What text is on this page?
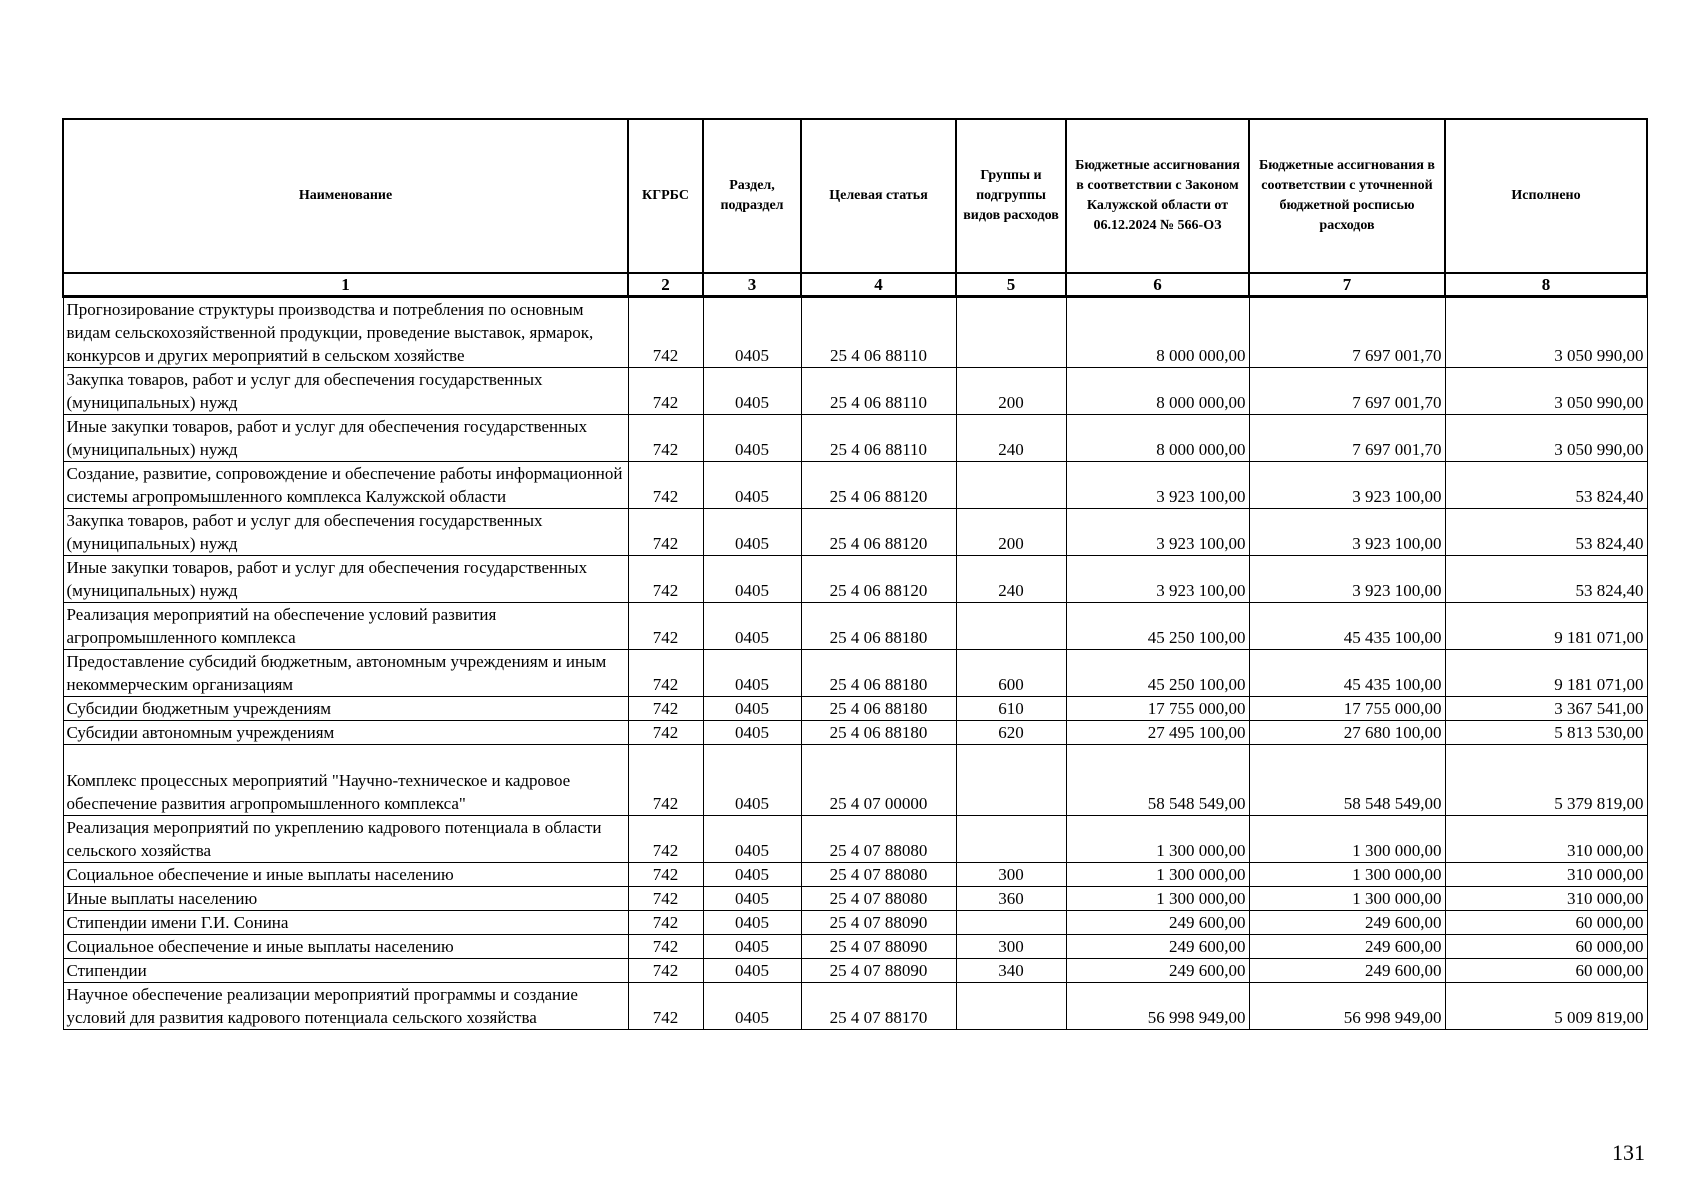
Наименование	КГРБС	Раздел, подраздел	Целевая статья	Группы и подгруппы видов расходов	Бюджетные ассигнования в соответствии с Законом Калужской области от 06.12.2024 № 566-ОЗ	Бюджетные ассигнования в соответствии с уточненной бюджетной росписью расходов	Исполнено
1	2	3	4	5	6	7	8
Прогнозирование структуры производства и потребления по основным видам сельскохозяйственной продукции, проведение выставок, ярмарок, конкурсов и других мероприятий в сельском хозяйстве	742	0405	25 4 06 88110		8 000 000,00	7 697 001,70	3 050 990,00
Закупка товаров, работ и услуг для обеспечения государственных (муниципальных) нужд	742	0405	25 4 06 88110	200	8 000 000,00	7 697 001,70	3 050 990,00
Иные закупки товаров, работ и услуг для обеспечения государственных (муниципальных) нужд	742	0405	25 4 06 88110	240	8 000 000,00	7 697 001,70	3 050 990,00
Создание, развитие, сопровождение и обеспечение работы информационной системы агропромышленного комплекса Калужской области	742	0405	25 4 06 88120		3 923 100,00	3 923 100,00	53 824,40
Закупка товаров, работ и услуг для обеспечения государственных (муниципальных) нужд	742	0405	25 4 06 88120	200	3 923 100,00	3 923 100,00	53 824,40
Иные закупки товаров, работ и услуг для обеспечения государственных (муниципальных) нужд	742	0405	25 4 06 88120	240	3 923 100,00	3 923 100,00	53 824,40
Реализация мероприятий на обеспечение условий развития агропромышленного комплекса	742	0405	25 4 06 88180		45 250 100,00	45 435 100,00	9 181 071,00
Предоставление субсидий бюджетным, автономным учреждениям и иным некоммерческим организациям	742	0405	25 4 06 88180	600	45 250 100,00	45 435 100,00	9 181 071,00
Субсидии бюджетным учреждениям	742	0405	25 4 06 88180	610	17 755 000,00	17 755 000,00	3 367 541,00
Субсидии автономным учреждениям	742	0405	25 4 06 88180	620	27 495 100,00	27 680 100,00	5 813 530,00
Комплекс процессных мероприятий "Научно-техническое и кадровое обеспечение развития агропромышленного комплекса"	742	0405	25 4 07 00000		58 548 549,00	58 548 549,00	5 379 819,00
Реализация мероприятий по укреплению кадрового потенциала в области сельского хозяйства	742	0405	25 4 07 88080		1 300 000,00	1 300 000,00	310 000,00
Социальное обеспечение и иные выплаты населению	742	0405	25 4 07 88080	300	1 300 000,00	1 300 000,00	310 000,00
Иные выплаты населению	742	0405	25 4 07 88080	360	1 300 000,00	1 300 000,00	310 000,00
Стипендии имени Г.И. Сонина	742	0405	25 4 07 88090		249 600,00	249 600,00	60 000,00
Социальное обеспечение и иные выплаты населению	742	0405	25 4 07 88090	300	249 600,00	249 600,00	60 000,00
Стипендии	742	0405	25 4 07 88090	340	249 600,00	249 600,00	60 000,00
Научное обеспечение реализации мероприятий программы и создание условий для развития кадрового потенциала сельского хозяйства	742	0405	25 4 07 88170		56 998 949,00	56 998 949,00	5 009 819,00
131
